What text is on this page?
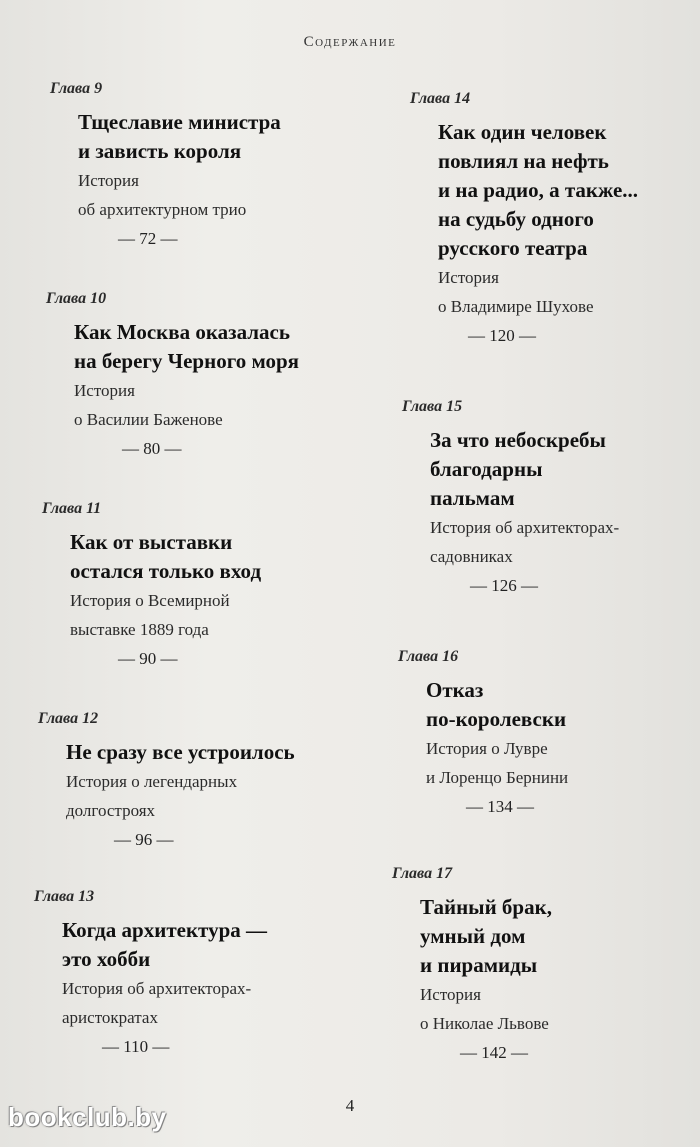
Содержание
Глава 9
Тщеславие министра
и зависть короля
История
об архитектурном трио
— 72 —
Глава 10
Как Москва оказалась
на берегу Черного моря
История
о Василии Баженове
— 80 —
Глава 11
Как от выставки
остался только вход
История о Всемирной
выставке 1889 года
— 90 —
Глава 12
Не сразу все устроилось
История о легендарных
долгостроях
— 96 —
Глава 13
Когда архитектура —
это хобби
История об архитекторах-
аристократах
— 110 —
Глава 14
Как один человек
повлиял на нефть
и на радио, а также...
на судьбу одного
русского театра
История
о Владимире Шухове
— 120 —
Глава 15
За что небоскребы
благодарны
пальмам
История об архитекторах-
садовниках
— 126 —
Глава 16
Отказ
по-королевски
История о Лувре
и Лоренцо Бернини
— 134 —
Глава 17
Тайный брак,
умный дом
и пирамиды
История
о Николае Львове
— 142 —
4
bookclub.by
